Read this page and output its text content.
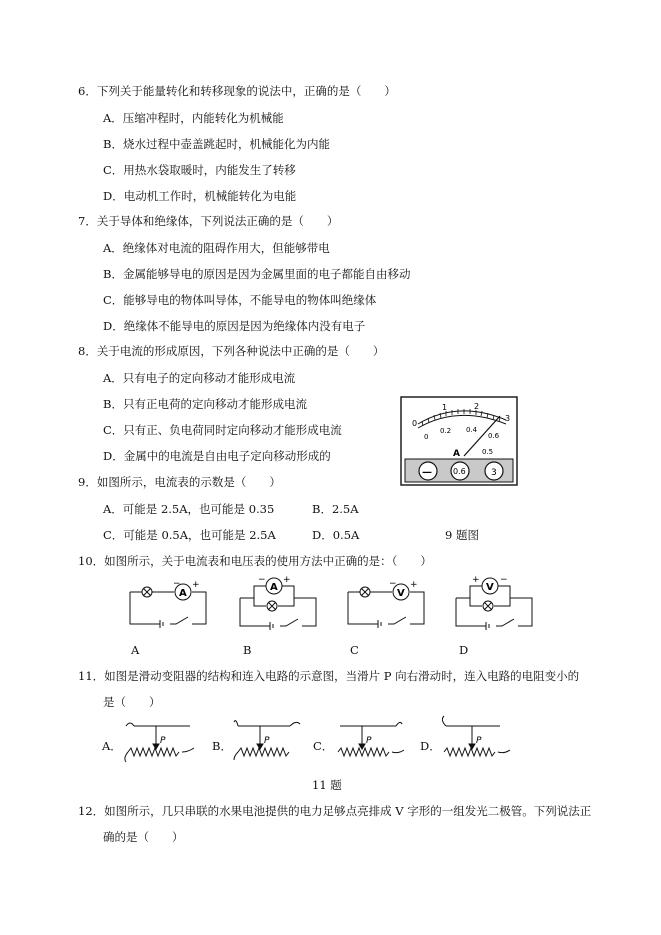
6．下列关于能量转化和转移现象的说法中，正确的是（　　）
A．压缩冲程时，内能转化为机械能
B．烧水过程中壶盖跳起时，机械能化为内能
C．用热水袋取暖时，内能发生了转移
D．电动机工作时，机械能转化为电能
7．关于导体和绝缘体，下列说法正确的是（　　）
A．绝缘体对电流的阻碍作用大，但能够带电
B．金属能够导电的原因是因为金属里面的电子都能自由移动
C．能够导电的物体叫导体，不能导电的物体叫绝缘体
D．绝缘体不能导电的原因是因为绝缘体内没有电子
8．关于电流的形成原因，下列各种说法中正确的是（　　）
A．只有电子的定向移动才能形成电流
B．只有正电荷的定向移动才能形成电流
C．只有正、负电荷同时定向移动才能形成电流
D．金属中的电流是自由电子定向移动形成的
0
1	2
3
0
0.2 0.4
0.6
A	0.5
—	0.6	3
9．如图所示，电流表的示数是（　　）
A．可能是 2.5A，也可能是 0.35	B．2.5A
C．可能是 0.5A，也可能是 2.5A	D．0.5A	9 题图
10．如图所示，关于电流表和电压表的使用方法中正确的是：（　　）
A
− +
A
A
− +
B
V
− +
C
V
+ −
D
11．如图是滑动变阻器的结构和连入电路的示意图，当滑片 P 向右滑动时，连入电路的电阻变小的
是（　　）
A．	P	B．	P	C．	P	D．	P
11 题
12．如图所示，几只串联的水果电池提供的电力足够点亮排成 V 字形的一组发光二极管。下列说法正
确的是（　　）
